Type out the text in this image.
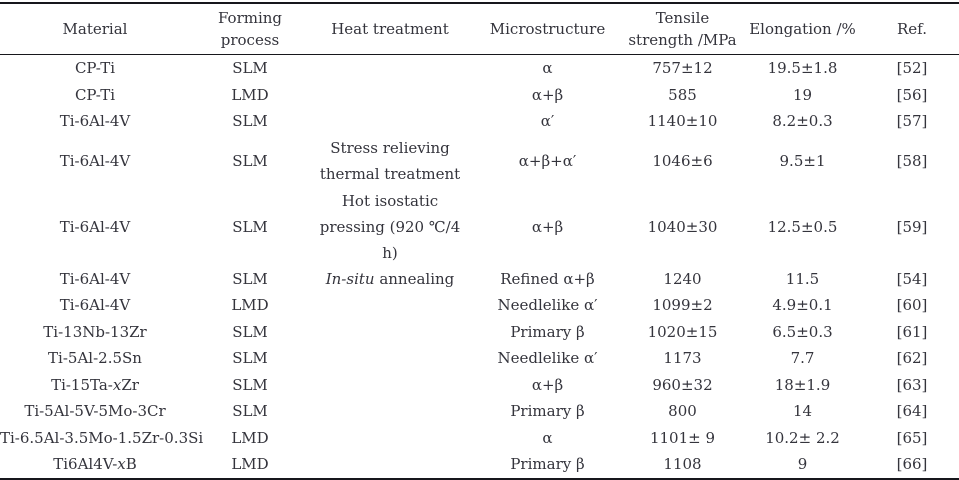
Material	Forming process	Heat treatment	Microstructure	Tensile
strength /MPa	Elongation /%	Ref.
CP-Ti	SLM		α	757±12	19.5±1.8	[52]
CP-Ti	LMD		α+β	585	19	[56]
Ti-6Al-4V	SLM		α′	1140±10	8.2±0.3	[57]
Ti-6Al-4V	SLM	Stress relieving
thermal treatment	α+β+α′	1046±6	9.5±1	[58]
Ti-6Al-4V	SLM	Hot isostatic
pressing (920 ℃/4 h)	α+β	1040±30	12.5±0.5	[59]
Ti-6Al-4V	SLM	In-situ annealing	Refined α+β	1240	11.5	[54]
Ti-6Al-4V	LMD		Needlelike α′	1099±2	4.9±0.1	[60]
Ti-13Nb-13Zr	SLM		Primary β	1020±15	6.5±0.3	[61]
Ti-5Al-2.5Sn	SLM		Needlelike α′	1173	7.7	[62]
Ti-15Ta-xZr	SLM		α+β	960±32	18±1.9	[63]
Ti-5Al-5V-5Mo-3Cr	SLM		Primary β	800	14	[64]
Ti-6.5Al-3.5Mo-1.5Zr-0.3Si	LMD		α	1101± 9	10.2± 2.2	[65]
Ti6Al4V-xB	LMD		Primary β	1108	9	[66]
